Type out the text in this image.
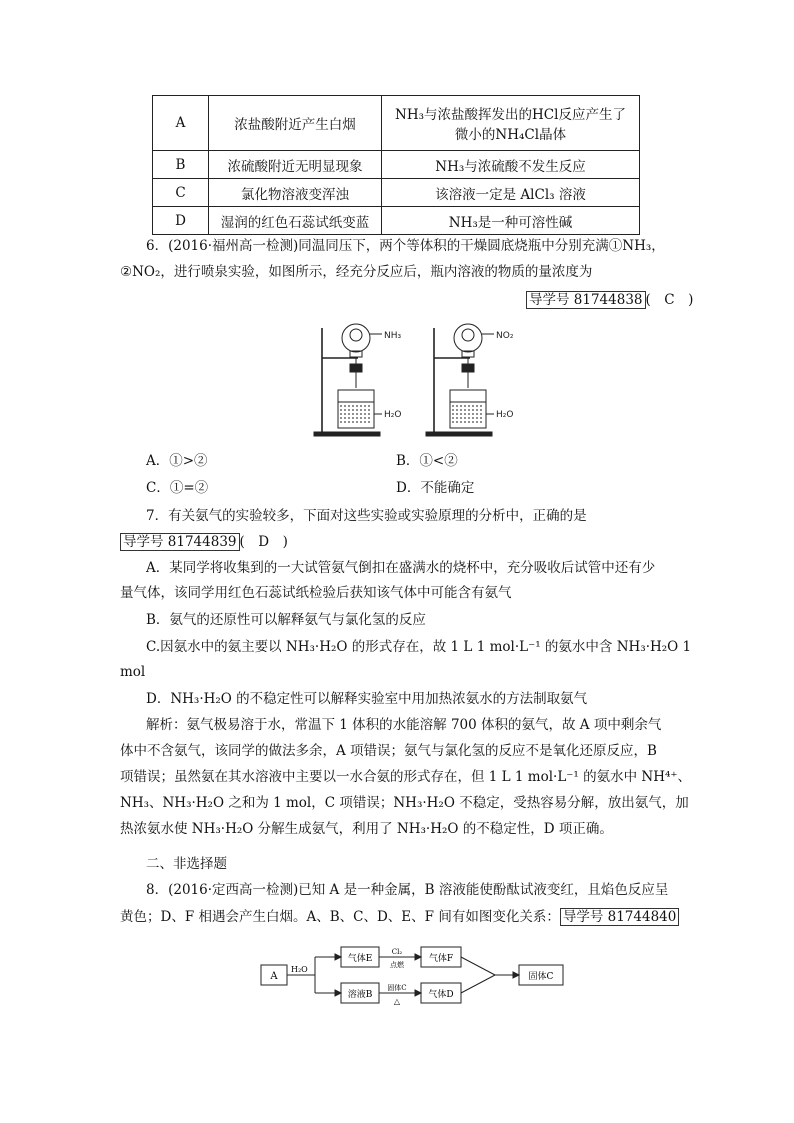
A	浓盐酸附近产生白烟	NH₃与浓盐酸挥发出的HCl反应产生了
微小的NH₄Cl晶体

B	浓硫酸附近无明显现象	NH₃与浓硫酸不发生反应
C	氯化物溶液变浑浊	该溶液一定是 AlCl₃ 溶液
D	湿润的红色石蕊试纸变蓝	NH₃是一种可溶性碱
6．(2016·福州高一检测)同温同压下，两个等体积的干燥圆底烧瓶中分别充满①NH₃，
②NO₂，进行喷泉实验，如图所示，经充分反应后，瓶内溶液的物质的量浓度为
导学号 81744838 (　C　)
NH₃
H₂O
NO₂
H₂O
A．①>②	B．①<②
C．①=②	D．不能确定
7．有关氨气的实验较多，下面对这些实验或实验原理的分析中，正确的是
导学号 81744839 (　D　)
A．某同学将收集到的一大试管氨气倒扣在盛满水的烧杯中，充分吸收后试管中还有少
量气体，该同学用红色石蕊试纸检验后获知该气体中可能含有氨气
B．氨气的还原性可以解释氨气与氯化氢的反应
C.因氨水中的氨主要以 NH₃·H₂O 的形式存在，故 1 L 1 mol·L⁻¹ 的氨水中含 NH₃·H₂O 1
mol
D．NH₃·H₂O 的不稳定性可以解释实验室中用加热浓氨水的方法制取氨气
解析：氨气极易溶于水，常温下 1 体积的水能溶解 700 体积的氨气，故 A 项中剩余气
体中不含氨气，该同学的做法多余，A 项错误；氨气与氯化氢的反应不是氧化还原反应，B
项错误；虽然氨在其水溶液中主要以一水合氨的形式存在，但 1 L 1 mol·L⁻¹ 的氨水中 NH⁴⁺、
NH₃、NH₃·H₂O 之和为 1 mol，C 项错误；NH₃·H₂O 不稳定，受热容易分解，放出氨气，加
热浓氨水使 NH₃·H₂O 分解生成氨气，利用了 NH₃·H₂O 的不稳定性，D 项正确。
二、非选择题
8．(2016·定西高一检测)已知 A 是一种金属，B 溶液能使酚酞试液变红，且焰色反应呈
黄色；D、F 相遇会产生白烟。A、B、C、D、E、F 间有如图变化关系： 导学号 81744840
A
H₂O
气体E
溶液B
Cl₂
点燃
固体C
△
气体F
气体D
固体C
